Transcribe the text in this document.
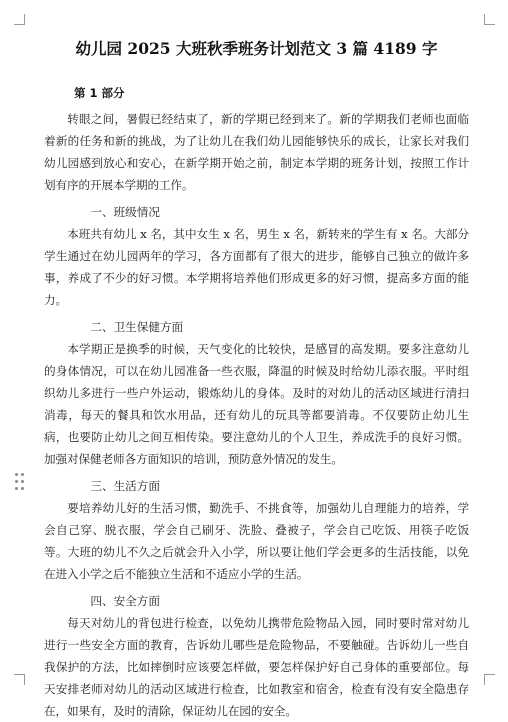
幼儿园 2025 大班秋季班务计划范文 3 篇 4189 字
第 1 部分

转眼之间，暑假已经结束了，新的学期已经到来了。新的学期我们老师也面临着新的任务和新的挑战，为了让幼儿在我们幼儿园能够快乐的成长，让家长对我们幼儿园感到放心和安心，在新学期开始之前，制定本学期的班务计划，按照工作计划有序的开展本学期的工作。

一、班级情况

本班共有幼儿 x 名，其中女生 x 名，男生 x 名，新转来的学生有 x 名。大部分学生通过在幼儿园两年的学习，各方面都有了很大的进步，能够自己独立的做许多事，养成了不少的好习惯。本学期将培养他们形成更多的好习惯，提高多方面的能力。

二、卫生保健方面

本学期正是换季的时候，天气变化的比较快，是感冒的高发期。要多注意幼儿的身体情况，可以在幼儿园准备一些衣服，降温的时候及时给幼儿添衣服。平时组织幼儿多进行一些户外运动，锻炼幼儿的身体。及时的对幼儿的活动区域进行清扫消毒，每天的餐具和饮水用品，还有幼儿的玩具等都要消毒。不仅要防止幼儿生病，也要防止幼儿之间互相传染。要注意幼儿的个人卫生，养成洗手的良好习惯。加强对保健老师各方面知识的培训，预防意外情况的发生。

三、生活方面

要培养幼儿好的生活习惯，勤洗手、不挑食等，加强幼儿自理能力的培养，学会自己穿、脱衣服，学会自己刷牙、洗脸、叠被子，学会自己吃饭、用筷子吃饭等。大班的幼儿不久之后就会升入小学，所以要让他们学会更多的生活技能，以免在进入小学之后不能独立生活和不适应小学的生活。

四、安全方面

每天对幼儿的背包进行检查，以免幼儿携带危险物品入园，同时要时常对幼儿进行一些安全方面的教育，告诉幼儿哪些是危险物品，不要触碰。告诉幼儿一些自我保护的方法，比如摔倒时应该要怎样做，要怎样保护好自己身体的重要部位。每天安排老师对幼儿的活动区域进行检查，比如教室和宿舍，检查有没有安全隐患存在，如果有，及时的清除，保证幼儿在园的安全。
